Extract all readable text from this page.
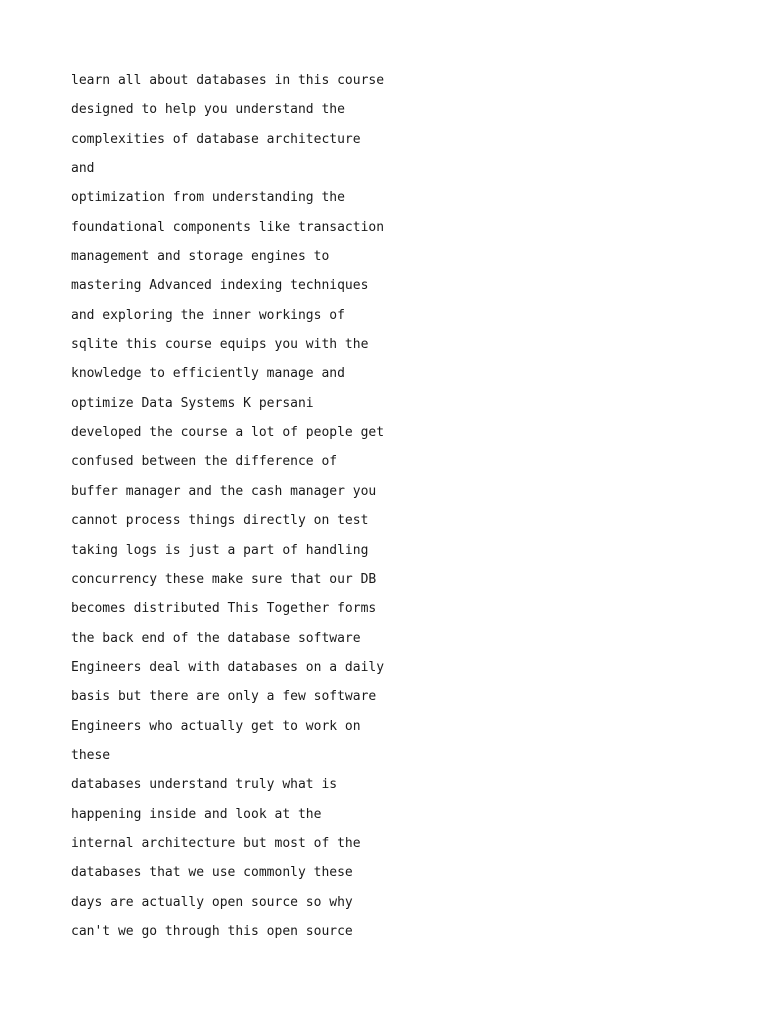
learn all about databases in this course
designed to help you understand the
complexities of database architecture
and
optimization from understanding the
foundational components like transaction
management and storage engines to
mastering Advanced indexing techniques
and exploring the inner workings of
sqlite this course equips you with the
knowledge to efficiently manage and
optimize Data Systems K persani
developed the course a lot of people get
confused between the difference of
buffer manager and the cash manager you
cannot process things directly on test
taking logs is just a part of handling
concurrency these make sure that our DB
becomes distributed This Together forms
the back end of the database software
Engineers deal with databases on a daily
basis but there are only a few software
Engineers who actually get to work on
these
databases understand truly what is
happening inside and look at the
internal architecture but most of the
databases that we use commonly these
days are actually open source so why
can't we go through this open source
